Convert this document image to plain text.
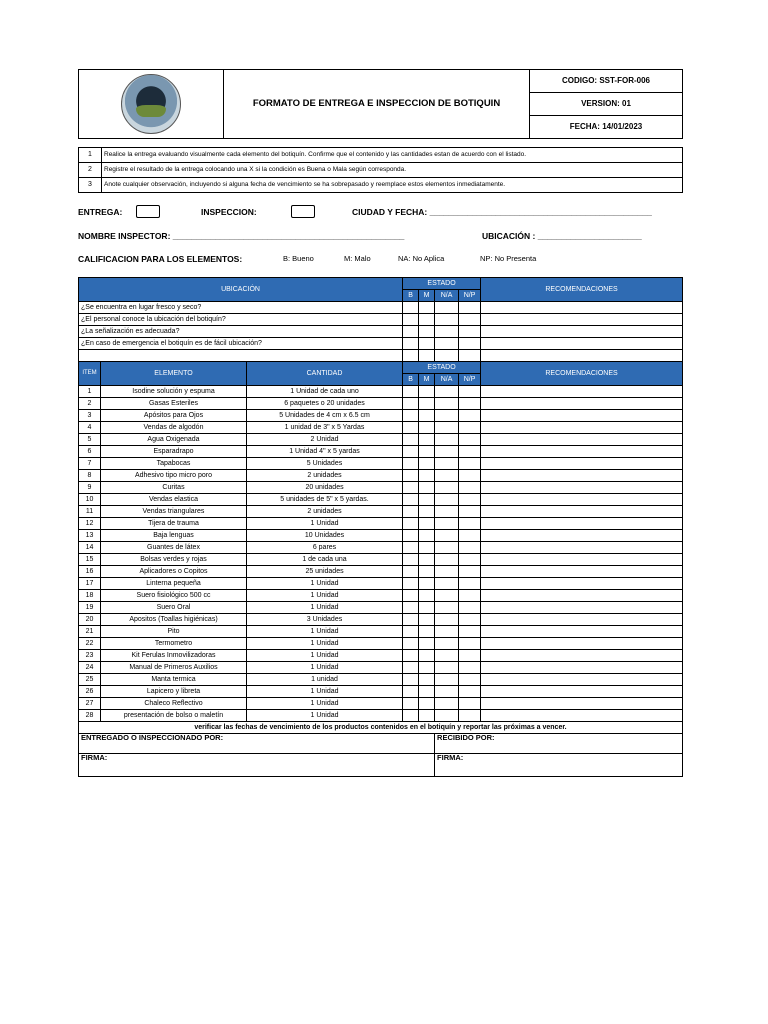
	FORMATO DE ENTREGA E INSPECCION DE BOTIQUIN	CODIGO: SST-FOR-006
VERSION: 01
FECHA: 14/01/2023
1	Realice la entrega evaluando visualmente cada elemento del botiquín. Confirme que el contenido y las cantidades estan de acuerdo con el listado.
2	Registre el resultado de la entrega colocando una X si la condición es Buena o Mala según corresponda.
3	Anote cualquier observación, incluyendo si alguna fecha de vencimiento se ha sobrepasado y reemplace estos elementos inmediatamente.
ENTREGA:	INSPECCION:	CIUDAD Y FECHA: _______________________________________________
NOMBRE INSPECTOR: _________________________________________________	UBICACIÓN : ______________________
CALIFICACION PARA LOS ELEMENTOS:	B: Bueno	M: Malo	NA: No Aplica	NP: No Presenta
UBICACIÓN			ESTADO				RECOMENDACIONES
			B	M	N/A	N/P	
¿Se encuentra en lugar fresco y seco?							
¿El personal conoce la ubicación del botiquín?							
¿La señalización es adecuada?							
¿En caso de emergencia el botiquín es de fácil ubicación?							

ITEM	ELEMENTO	CANTIDAD	ESTADO				RECOMENDACIONES
			B	M	N/A	N/P	
1	Isodine solución y espuma	1 Unidad de cada uno					
2	Gasas Esteriles	6 paquetes o 20 unidades					
3	Apósitos para Ojos	5 Unidades de 4 cm x 6.5 cm					
4	Vendas de algodón	1 unidad de 3" x 5 Yardas					
5	Agua Oxigenada	2 Unidad					
6	Esparadrapo	1 Unidad 4" x 5 yardas					
7	Tapabocas	5 Unidades					
8	Adhesivo tipo micro poro	2 unidades					
9	Curitas	20 unidades					
10	Vendas elastica	5 unidades de 5" x 5 yardas.					
11	Vendas triangulares	2 unidades					
12	Tijera de trauma	1 Unidad					
13	Baja lenguas	10 Unidades					
14	Guantes de látex	6 pares					
15	Bolsas verdes y rojas	1 de cada una					
16	Aplicadores o Copitos	25 unidades					
17	Linterna pequeña	1 Unidad					
18	Suero fisiológico 500 cc	1 Unidad					
19	Suero Oral	1 Unidad					
20	Apositos (Toallas higiénicas)	3 Unidades					
21	Pito	1 Unidad					
22	Termometro	1 Unidad					
23	Kit Ferulas Inmovilizadoras	1 Unidad					
24	Manual de Primeros Auxilios	1 Unidad					
25	Manta termica	1 unidad					
26	Lapicero y libreta	1 Unidad					
27	Chaleco Reflectivo	1 Unidad					
28	presentación de bolso o maletín	1 Unidad					
verificar las fechas de vencimiento de los productos contenidos en el botiquín y reportar las próximas a vencer.							
ENTREGADO O INSPECCIONADO POR:					RECIBIDO POR:		
FIRMA:					FIRMA:		
